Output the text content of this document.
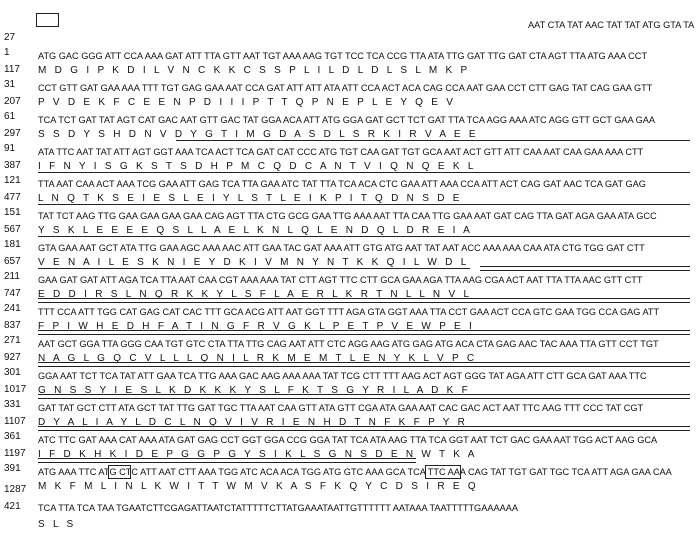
AAT CTA TAT AAC TAT TAT ATG GTA TA

27

ATG GAC GGG ATT CCA AAA GAT ATT TTA GTT AAT TGT AAA AAG TGT TCC TCA CCG TTA ATA TTG GAT TTG GAT CTA AGT TTA ATG AAA CCT

1

M   D   G   I   P   K   D   I   L   V   N   C   K   K   C   S   S   P   L   I   L   D   L   D   L   S   L   M   K   P

117

CCT GTT GAT GAA AAA TTT TGT GAG GAA AAT CCA GAT ATT ATT ATA ATT CCA ACT ACA CAG CCA AAT GAA CCT CTT GAG TAT CAG GAA GTT

31

P   V   D   E   K   F   C   E   E   N   P   D   I   I   I   P   T   T   Q   P   N   E   P   L   E   Y   Q   E   V

207

TCA TCT GAT TAT AGT CAT GAC AAT GTT GAC TAT GGA ACA ATT ATG GGA GAT GCT TCT GAT TTA TCA AGG AAA ATC AGG GTT GCT GAA GAA

61

S   S   D   Y   S   H   D   N   V   D   Y   G   T   I   M   G   D   A   S   D   L   S   R   K   I   R   V   A   E   E

297

ATA TTC AAT TAT ATT AGT GGT AAA TCA ACT TCA GAT CAT CCC ATG TGT CAA GAT TGT GCA AAT ACT GTT ATT CAA AAT CAA GAA AAA CTT

91

I   F   N   Y   I   S   G   K   S   T   S   D   H   P   M   C   Q   D   C   A   N   T   V   I   Q   N   Q   E   K   L

387

TTA AAT CAA ACT AAA TCG GAA ATT GAG TCA TTA GAA ATC TAT TTA TCA ACA CTC GAA ATT AAA CCA ATT ACT CAG GAT AAC TCA GAT GAG

121

L   N   Q   T   K   S   E   I   E   S   L   E   I   Y   L   S   T   L   E   I   K   P   I   T   Q   D   N   S   D   E

477

TAT TCT AAG TTG GAA GAA GAA GAA CAG AGT TTA CTG GCG GAA TTG AAA AAT TTA CAA TTG GAA AAT GAT CAG TTA GAT AGA GAA ATA GCC

151

Y   S   K   L   E   E   E   E   Q   S   L   L   A   E   L   K   N   L   Q   L   E   N   D   Q   L   D   R   E   I   A

567

GTA GAA AAT GCT ATA TTG GAA AGC AAA AAC ATT GAA TAC GAT AAA ATT GTG ATG AAT TAT AAT ACC AAA AAA CAA ATA CTG TGG GAT CTT

181

V   E   N   A   I   L   E   S   K   N   I   E   Y   D   K   I   V   M   N   Y   N   T   K   K   Q   I   L   W   D   L

657

GAA GAT GAT ATT AGA TCA TTA AAT CAA CGT AAA AAA TAT CTT AGT TTC CTT GCA GAA AGA TTA AAG CGA ACT AAT TTA TTA AAC GTT CTT

211

E   D   D   I   R   S   L   N   Q   R   K   K   Y   L   S   F   L   A   E   R   L   K   R   T   N   L   L   N   V   L

747

TTT CCA ATT TGG CAT GAG CAT CAC TTT GCA ACG ATT AAT GGT TTT AGA GTA GGT AAA TTA CCT GAA ACT CCA GTC GAA TGG CCA GAG ATT

241

F   P   I   W   H   E   D   H   F   A   T   I   N   G   F   R   V   G   K   L   P   E   T   P   V   E   W   P   E   I

837

AAT GCT GGA TTA GGG CAA TGT GTC CTA TTA TTG CAG AAT ATT CTC AGG AAG ATG GAG ATG ACA CTA GAG AAC TAC AAA TTA GTT CCT TGT

271

N   A   G   L   G   Q   C   V   L   L   L   Q   N   I   L   R   K   M   E   M   T   L   E   N   Y   K   L   V   P   C

927

GGA AAT TCT TCA TAT ATT GAA TCA TTG AAA GAC AAG AAA AAA TAT TCG CTT TTT AAG ACT AGT GGG TAT AGA ATT CTT GCA GAT AAA TTC

301

G   N   S   S   Y   I   E   S   L   K   D   K   K   K   Y   S   L   F   K   T   S   G   Y   R   I   L   A   D   K   F

1017

GAT TAT GCT CTT ATA GCT TAT TTG GAT TGC TTA AAT CAA GTT ATA GTT CGA ATA GAA AAT CAC GAC ACT AAT TTC AAG TTT CCC TAT CGT

331

D   Y   A   L   I   A   Y   L   D   C   L   N   Q   V   I   V   R   I   E   N   H   D   T   N   F   K   F   P   Y   R

1107

ATC TTC GAT AAA CAT AAA ATA GAT GAG CCT GGT GGA CCG GGA TAT TCA ATA AAG TTA TCA GGT AAT TCT GAC GAA AAT TGG ACT AAG GCA

361

I   F   D   K   H   K   I   D   E   P   G   G   P   G   Y   S   I   K   L   S   G   N   S   D   E   N   W   T   K   A

1197

ATG AAA TTC ATG CTC ATT AAT CTT AAA TGG ATC ACA ACA TGG ATG GTC AAA GCA TCA TTC AAA CAG TAT TGT GAT TGC TCA ATT AGA GAA CAA

391

M   K   F   M   L   I   N   L   K   W   I   T   T   W   M   V   K   A   S   F   K   Q   Y   C   D   S   I   R   E   Q

1287

TCA TTA TCA TAA TGAATCTTCGAGATTAATCTATTTTTCTTATGAAATAATTGTTTTTT AATAAA TAATTTTTGAAAAAA

421

S   L   S
